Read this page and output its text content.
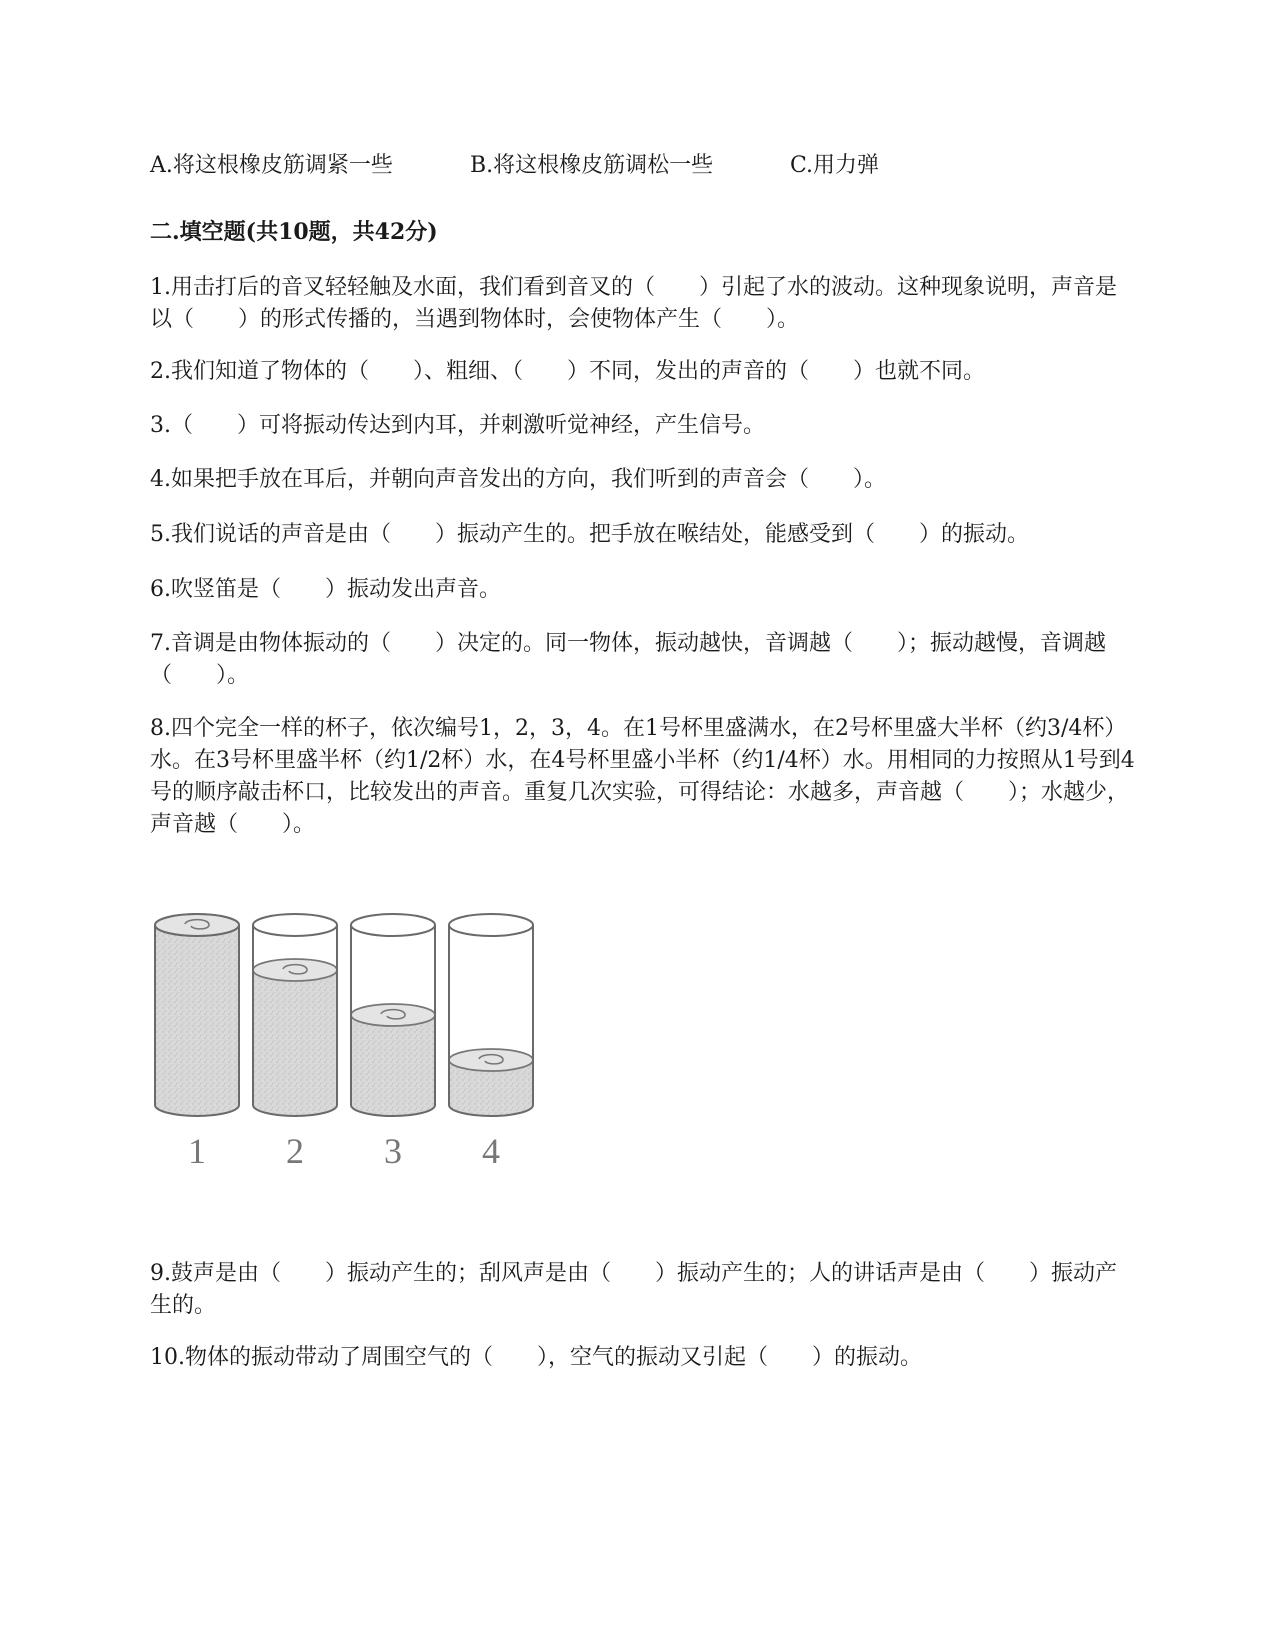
A.将这根橡皮筋调紧一些	B.将这根橡皮筋调松一些	C.用力弹
二.填空题(共10题，共42分)
1.用击打后的音叉轻轻触及水面，我们看到音叉的（　　）引起了水的波动。这种现象说明，声音是以（　　）的形式传播的，当遇到物体时，会使物体产生（　　）。
2.我们知道了物体的（　　）、粗细、（　　）不同，发出的声音的（　　）也就不同。
3.（　　）可将振动传达到内耳，并刺激听觉神经，产生信号。
4.如果把手放在耳后，并朝向声音发出的方向，我们听到的声音会（　　）。
5.我们说话的声音是由（　　）振动产生的。把手放在喉结处，能感受到（　　）的振动。
6.吹竖笛是（　　）振动发出声音。
7.音调是由物体振动的（　　）决定的。同一物体，振动越快，音调越（　　）；振动越慢，音调越（　　）。
8.四个完全一样的杯子，依次编号1，2，3，4。在1号杯里盛满水，在2号杯里盛大半杯（约3/4杯）水。在3号杯里盛半杯（约1/2杯）水，在4号杯里盛小半杯（约1/4杯）水。用相同的力按照从1号到4号的顺序敲击杯口，比较发出的声音。重复几次实验，可得结论：水越多，声音越（　　）；水越少，声音越（　　）。
1 2 3 4
9.鼓声是由（　　）振动产生的；刮风声是由（　　）振动产生的；人的讲话声是由（　　）振动产生的。
10.物体的振动带动了周围空气的（　　），空气的振动又引起（　　）的振动。
